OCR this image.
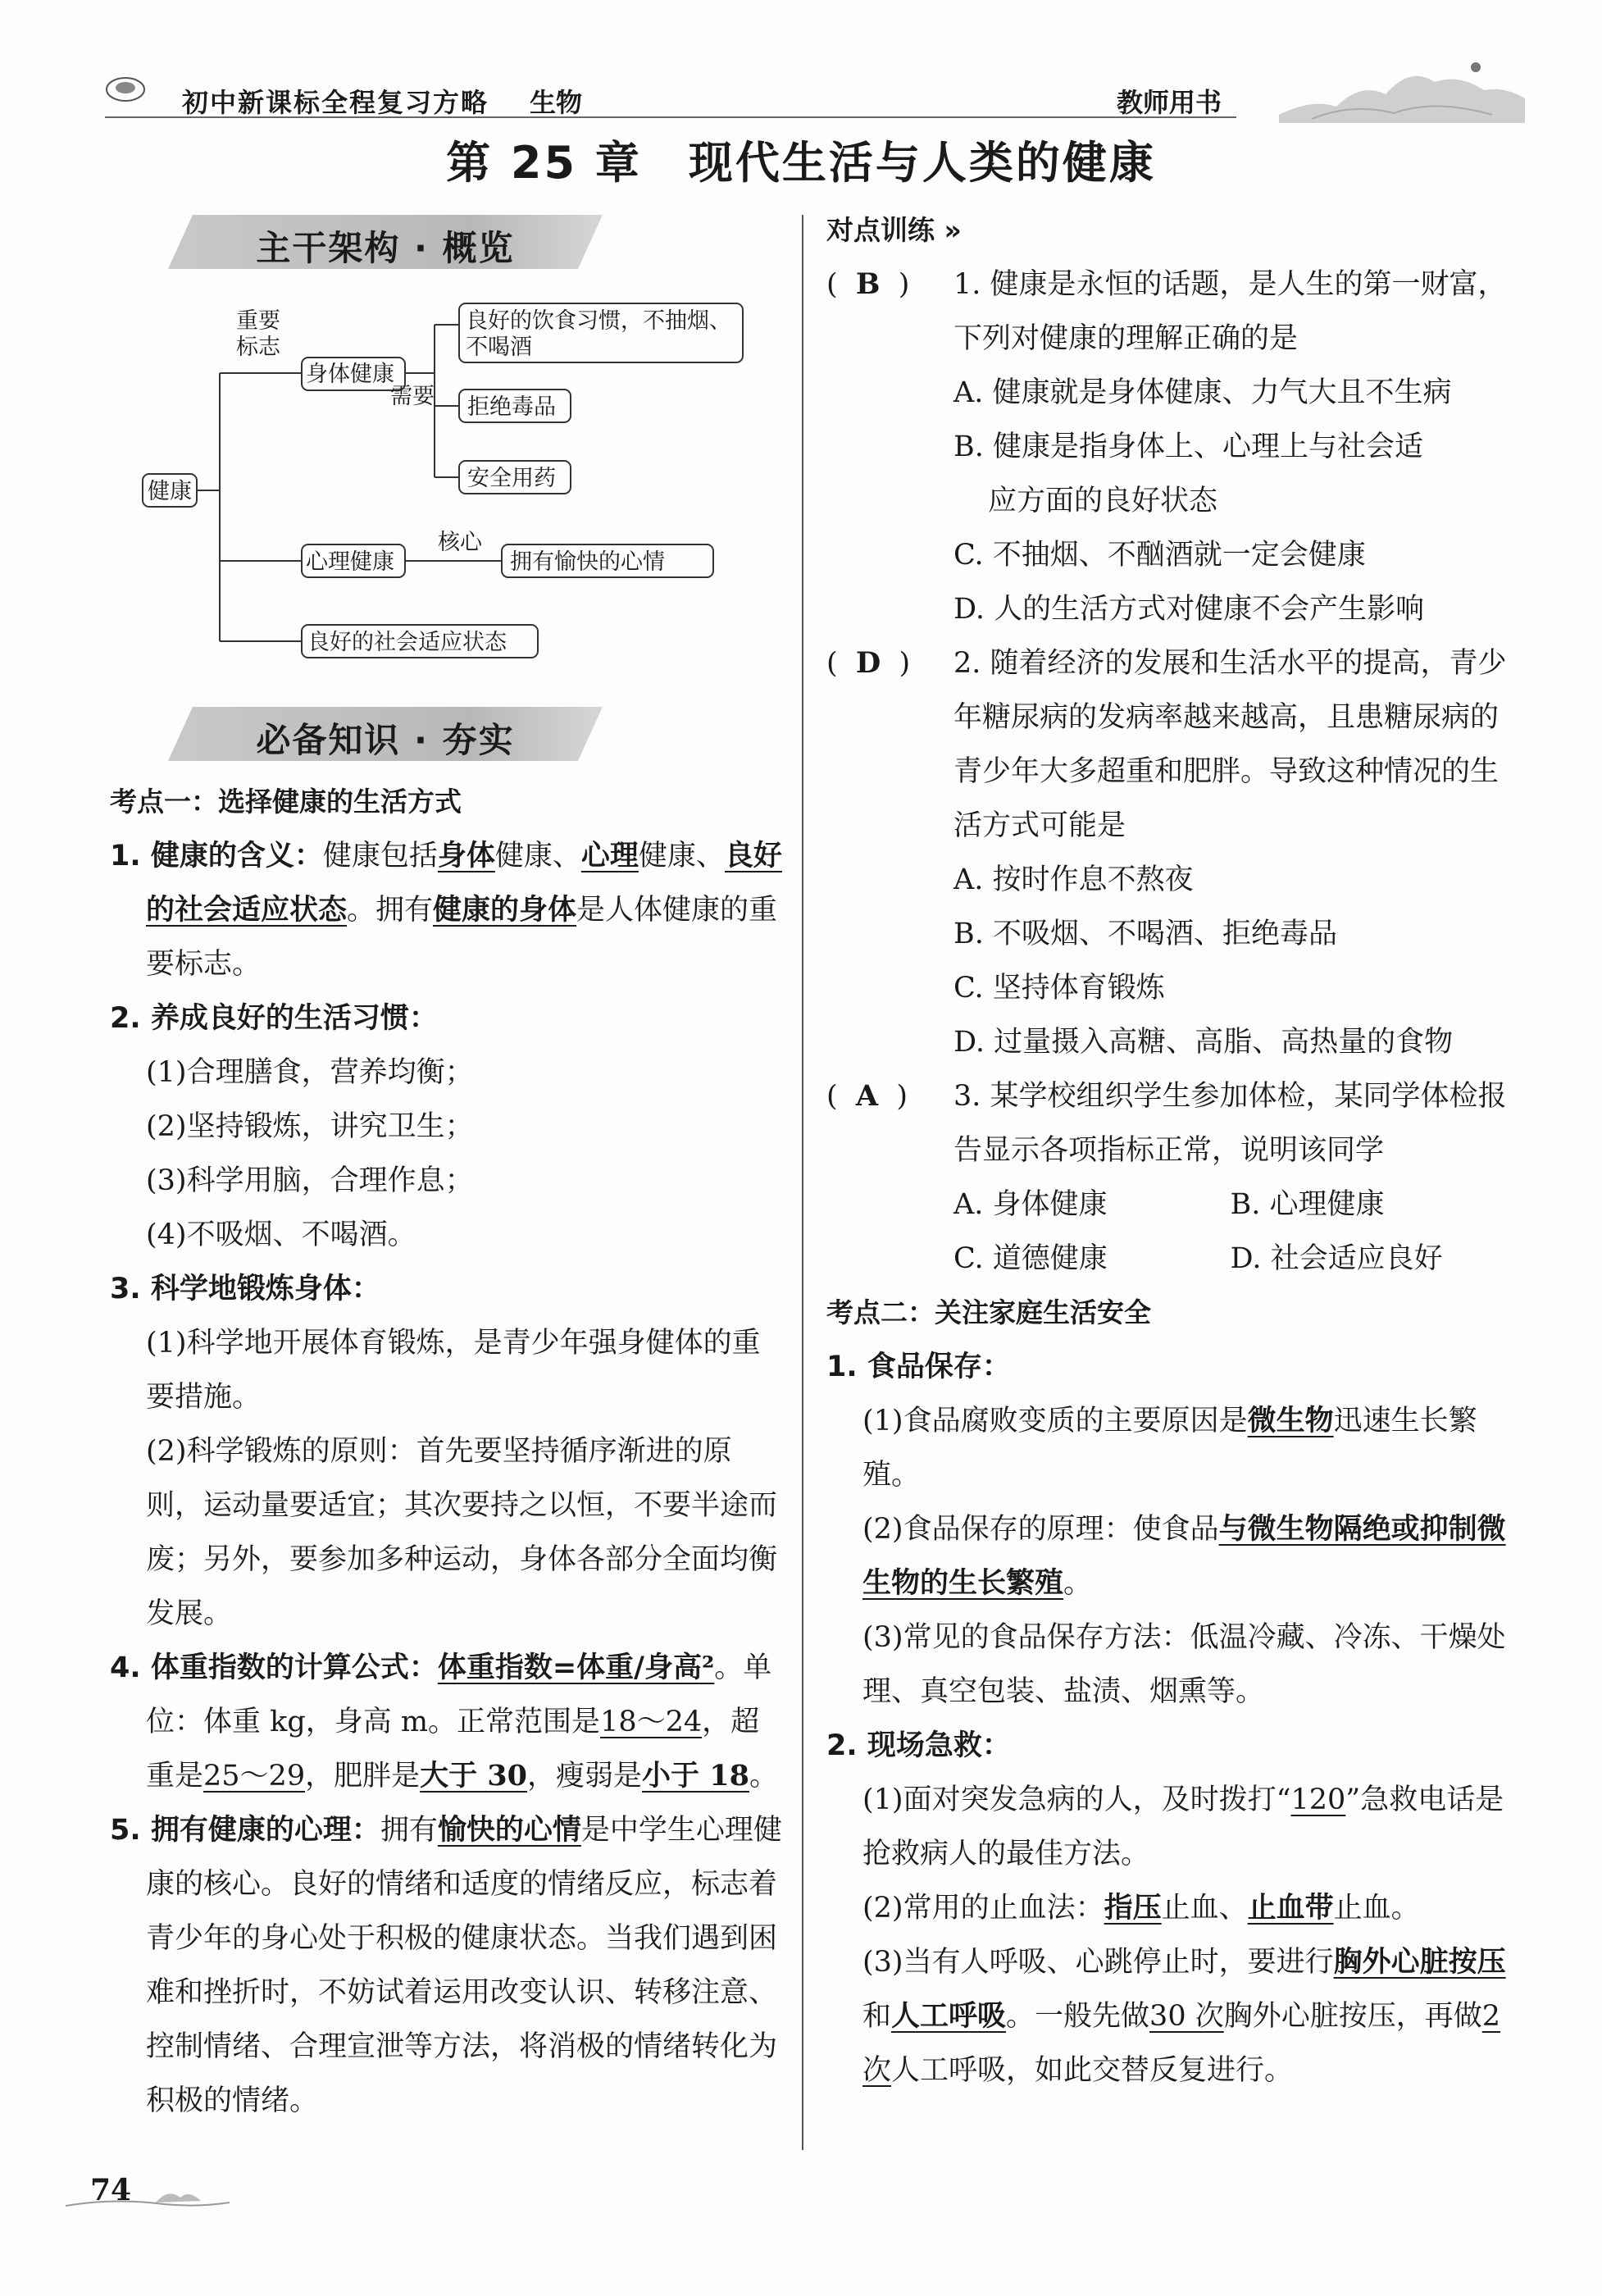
初中新课标全程复习方略 生物	教师用书
第 25 章　现代生活与人类的健康
主干架构 · 概览
健康
重要
标志
身体健康
需要
良好的饮食习惯，不抽烟、
不喝酒
拒绝毒品
安全用药
心理健康
核心
拥有愉快的心情
良好的社会适应状态
必备知识 · 夯实

考点一：选择健康的生活方式

1. 健康的含义：健康包括身体健康、心理健康、良好的社会适应状态。拥有健康的身体是人体健康的重要标志。

2. 养成良好的生活习惯：

(1)合理膳食，营养均衡；

(2)坚持锻炼，讲究卫生；

(3)科学用脑，合理作息；

(4)不吸烟、不喝酒。

3. 科学地锻炼身体：

(1)科学地开展体育锻炼，是青少年强身健体的重要措施。

(2)科学锻炼的原则：首先要坚持循序渐进的原则，运动量要适宜；其次要持之以恒，不要半途而废；另外，要参加多种运动，身体各部分全面均衡发展。

4. 体重指数的计算公式：体重指数=体重/身高²。单位：体重 kg，身高 m。正常范围是18～24，超重是25～29，肥胖是大于 30，瘦弱是小于 18。

5. 拥有健康的心理：拥有愉快的心情是中学生心理健康的核心。良好的情绪和适度的情绪反应，标志着青少年的身心处于积极的健康状态。当我们遇到困难和挫折时，不妨试着运用改变认识、转移注意、控制情绪、合理宣泄等方法，将消极的情绪转化为积极的情绪。

对点训练 »

(  B  )	1. 健康是永恒的话题，是人生的第一财富，下列对健康的理解正确的是

A. 健康就是身体健康、力气大且不生病

B. 健康是指身体上、心理上与社会适

应方面的良好状态

C. 不抽烟、不酗酒就一定会健康

D. 人的生活方式对健康不会产生影响

(  D  )	2. 随着经济的发展和生活水平的提高，青少年糖尿病的发病率越来越高，且患糖尿病的青少年大多超重和肥胖。导致这种情况的生活方式可能是

A. 按时作息不熬夜

B. 不吸烟、不喝酒、拒绝毒品

C. 坚持体育锻炼

D. 过量摄入高糖、高脂、高热量的食物

(  A  )	3. 某学校组织学生参加体检，某同学体检报告显示各项指标正常，说明该同学

A. 身体健康	B. 心理健康
C. 道德健康	D. 社会适应良好

考点二：关注家庭生活安全

1. 食品保存：

(1)食品腐败变质的主要原因是微生物迅速生长繁殖。

(2)食品保存的原理：使食品与微生物隔绝或抑制微生物的生长繁殖。

(3)常见的食品保存方法：低温冷藏、冷冻、干燥处理、真空包装、盐渍、烟熏等。

2. 现场急救：

(1)面对突发急病的人，及时拨打“120”急救电话是抢救病人的最佳方法。

(2)常用的止血法：指压止血、止血带止血。

(3)当有人呼吸、心跳停止时，要进行胸外心脏按压和人工呼吸。一般先做30 次胸外心脏按压，再做2 次人工呼吸，如此交替反复进行。

74
